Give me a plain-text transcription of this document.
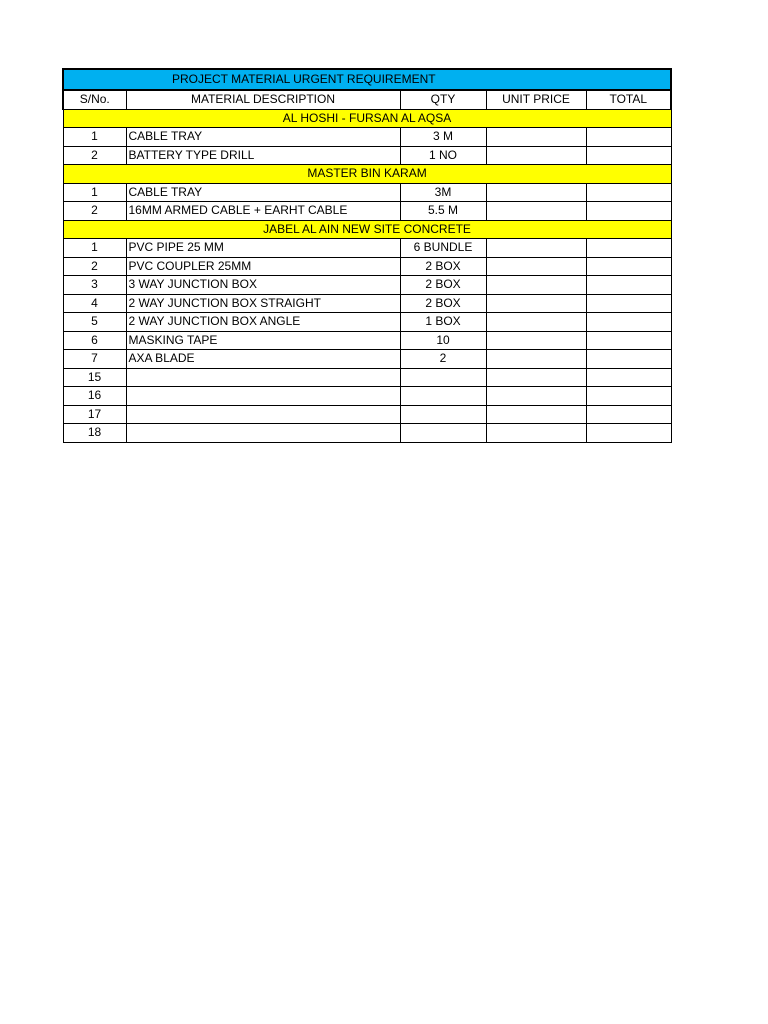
PROJECT MATERIAL URGENT REQUIREMENT				
S/No.	MATERIAL DESCRIPTION	QTY	UNIT PRICE	TOTAL
AL HOSHI - FURSAN AL AQSA				
1	CABLE TRAY	3 M		
2	BATTERY TYPE DRILL	1 NO		
MASTER BIN KARAM				
1	CABLE TRAY	3M		
2	16MM ARMED CABLE + EARHT CABLE	5.5 M		
JABEL AL AIN NEW SITE CONCRETE				
1	PVC PIPE 25 MM	6 BUNDLE		
2	PVC COUPLER 25MM	2 BOX		
3	3 WAY JUNCTION BOX	2 BOX		
4	2 WAY JUNCTION BOX STRAIGHT	2 BOX		
5	2 WAY JUNCTION BOX ANGLE	1 BOX		
6	MASKING TAPE	10		
7	AXA BLADE	2		
15				
16				
17				
18				
